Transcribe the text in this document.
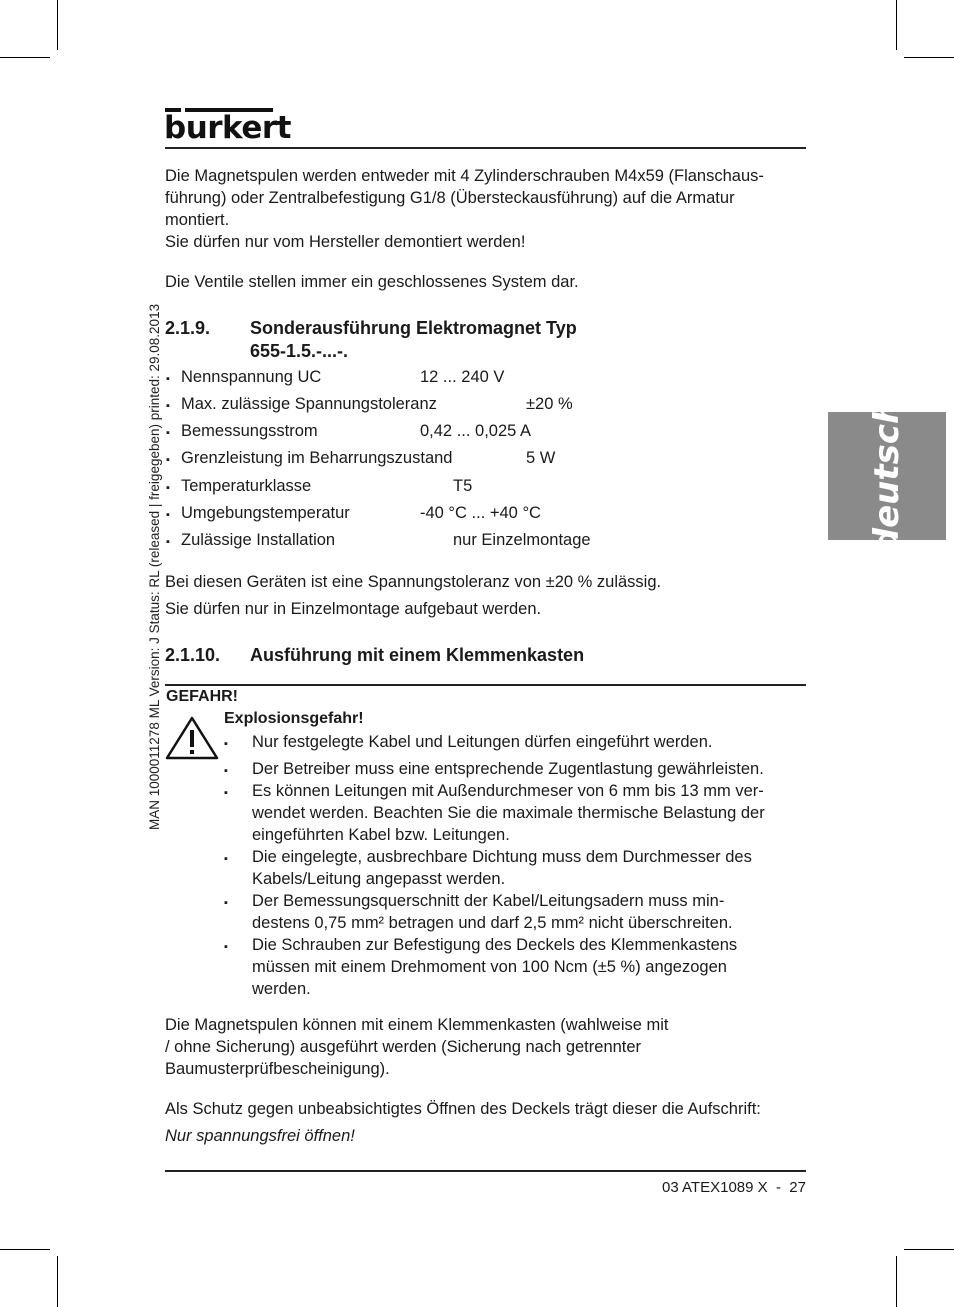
burkert
deutsch
MAN 1000011278 ML Version: J Status: RL (released | freigegeben) printed: 29.08.2013
Die Magnetspulen werden entweder mit 4 Zylinderschrauben M4x59 (Flanschaus-
führung) oder Zentralbefestigung G1/8 (Übersteckausführung) auf die Armatur
montiert.
Sie dürfen nur vom Hersteller demontiert werden!
Die Ventile stellen immer ein geschlossenes System dar.
2.1.9. Sonderausführung Elektromagnet Typ
655-1.5.-...-.
▪ Nennspannung UC	12 ... 240 V
▪ Max. zulässige Spannungstoleranz	±20 %
▪ Bemessungsstrom	0,42 ... 0,025 A
▪ Grenzleistung im Beharrungszustand	5 W
▪ Temperaturklasse	T5
▪ Umgebungstemperatur	-40 °C ... +40 °C
▪ Zulässige Installation	nur Einzelmontage
Bei diesen Geräten ist eine Spannungstoleranz von ±20 % zulässig.
Sie dürfen nur in Einzelmontage aufgebaut werden.
2.1.10. Ausführung mit einem Klemmenkasten
GEFAHR!
Explosionsgefahr!
▪ Nur festgelegte Kabel und Leitungen dürfen eingeführt werden.
▪ Der Betreiber muss eine entsprechende Zugentlastung gewährleisten.
▪ Es können Leitungen mit Außendurchmeser von 6 mm bis 13 mm ver-
wendet werden. Beachten Sie die maximale thermische Belastung der
eingeführten Kabel bzw. Leitungen.
▪ Die eingelegte, ausbrechbare Dichtung muss dem Durchmesser des
Kabels/Leitung angepasst werden.
▪ Der Bemessungsquerschnitt der Kabel/Leitungsadern muss min-
destens 0,75 mm² betragen und darf 2,5 mm² nicht überschreiten.
▪ Die Schrauben zur Befestigung des Deckels des Klemmenkastens
müssen mit einem Drehmoment von 100 Ncm (±5 %) angezogen
werden.
Die Magnetspulen können mit einem Klemmenkasten (wahlweise mit
/ ohne Sicherung) ausgeführt werden (Sicherung nach getrennter
Baumusterprüfbescheinigung).
Als Schutz gegen unbeabsichtigtes Öffnen des Deckels trägt dieser die Aufschrift:
Nur spannungsfrei öffnen!
03 ATEX1089 X  -  27
